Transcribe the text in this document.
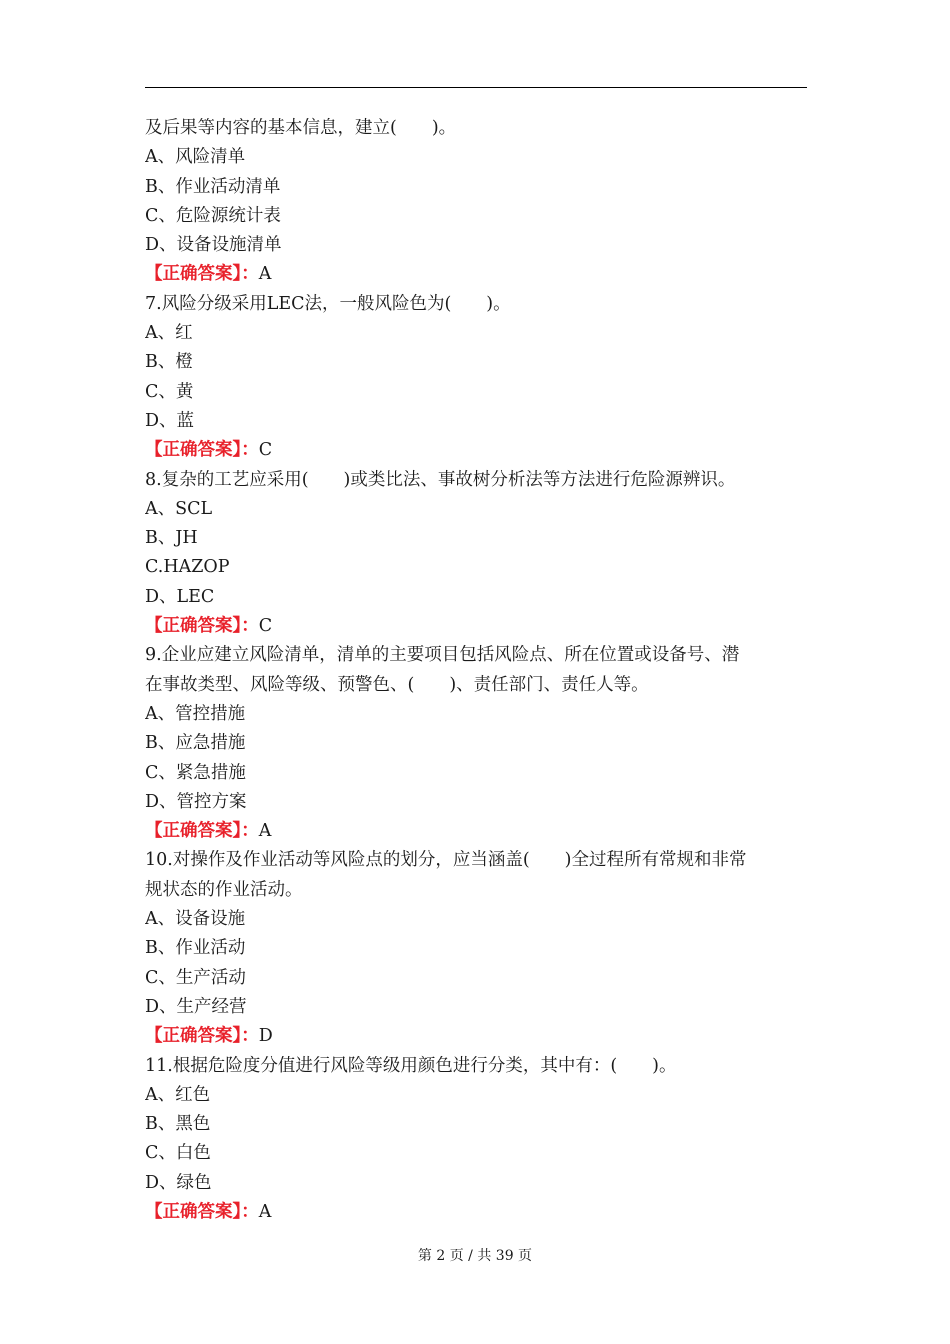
及后果等内容的基本信息，建立(　　)。
A、风险清单
B、作业活动清单
C、危险源统计表
D、设备设施清单
【正确答案】：A
7.风险分级采用LEC法，一般风险色为(　　)。
A、红
B、橙
C、黄
D、蓝
【正确答案】：C
8.复杂的工艺应采用(　　)或类比法、事故树分析法等方法进行危险源辨识。
A、SCL
B、JH
C.HAZOP
D、LEC
【正确答案】：C
9.企业应建立风险清单，清单的主要项目包括风险点、所在位置或设备号、潜
在事故类型、风险等级、预警色、(　　)、责任部门、责任人等。
A、管控措施
B、应急措施
C、紧急措施
D、管控方案
【正确答案】：A
10.对操作及作业活动等风险点的划分，应当涵盖(　　)全过程所有常规和非常
规状态的作业活动。
A、设备设施
B、作业活动
C、生产活动
D、生产经营
【正确答案】：D
11.根据危险度分值进行风险等级用颜色进行分类，其中有：(　　)。
A、红色
B、黑色
C、白色
D、绿色
【正确答案】：A
第 2 页 / 共 39 页
